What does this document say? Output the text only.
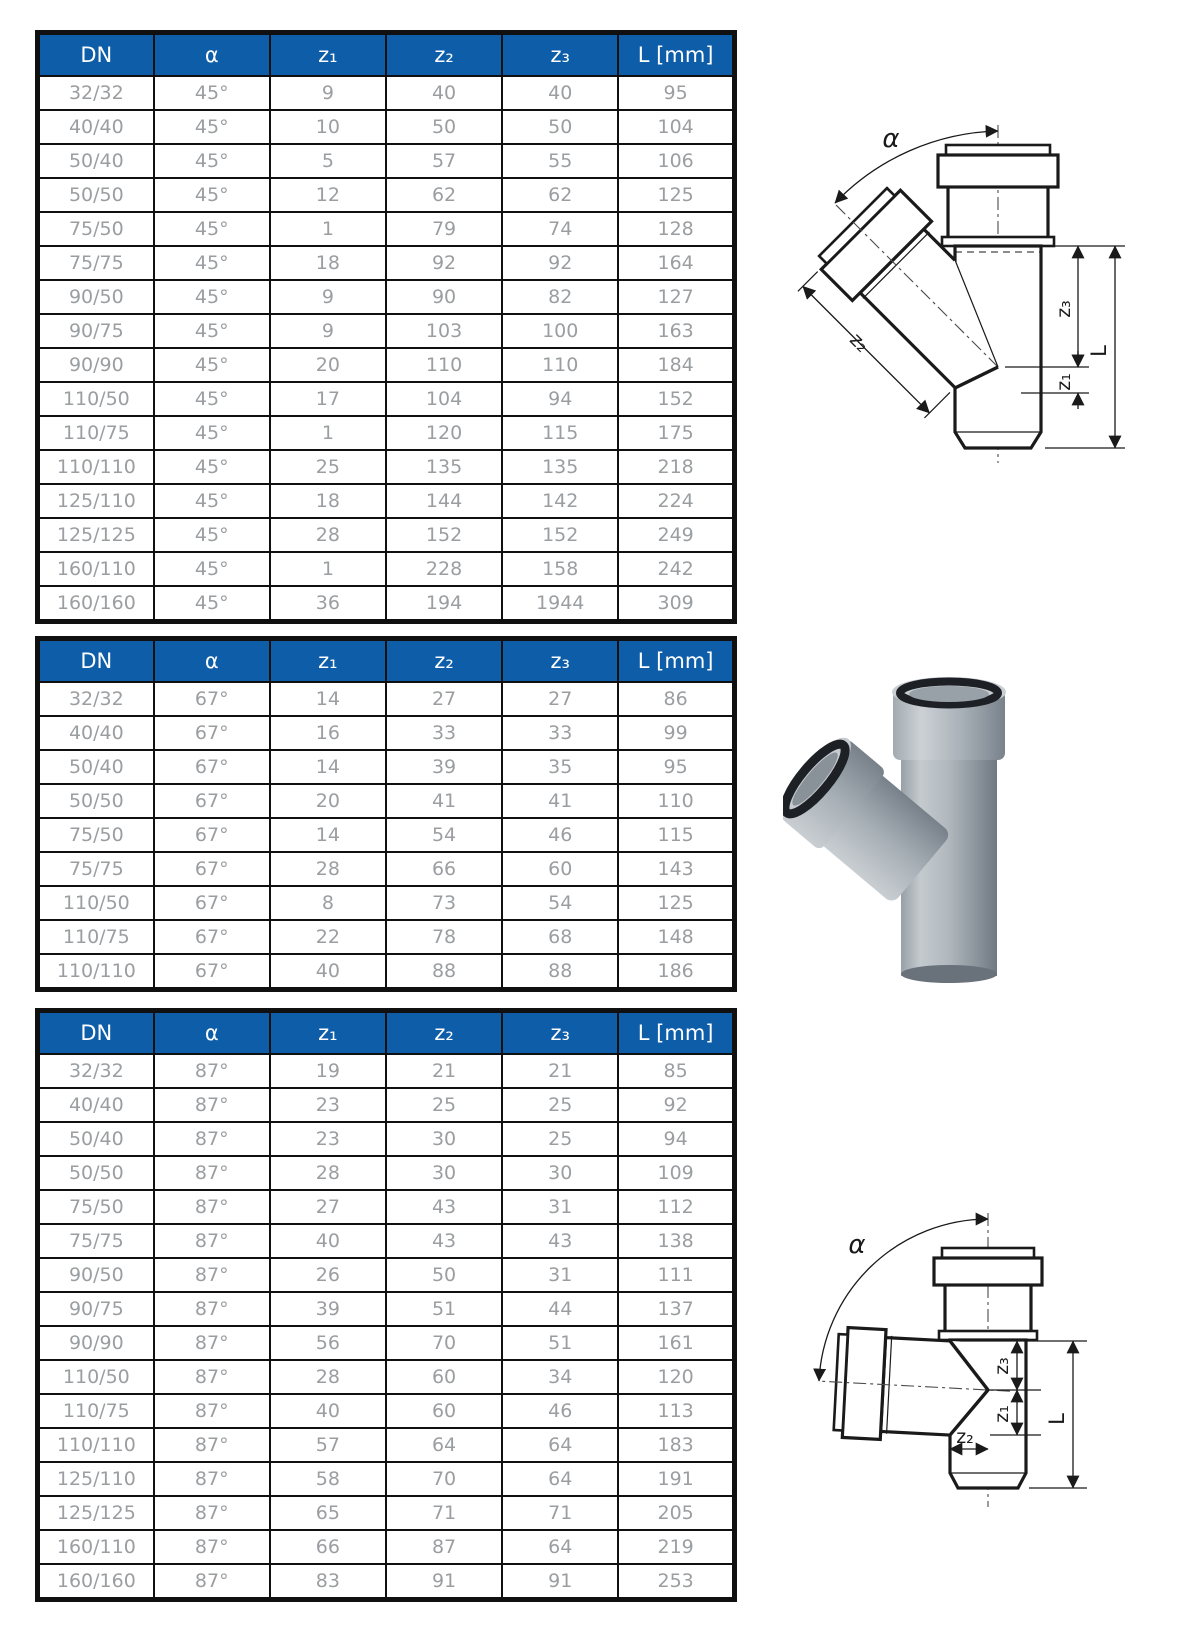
DN	α	z₁	z₂	z₃	L [mm]
32/32	45°	9	40	40	95
40/40	45°	10	50	50	104
50/40	45°	5	57	55	106
50/50	45°	12	62	62	125
75/50	45°	1	79	74	128
75/75	45°	18	92	92	164
90/50	45°	9	90	82	127
90/75	45°	9	103	100	163
90/90	45°	20	110	110	184
110/50	45°	17	104	94	152
110/75	45°	1	120	115	175
110/110	45°	25	135	135	218
125/110	45°	18	144	142	224
125/125	45°	28	152	152	249
160/110	45°	1	228	158	242
160/160	45°	36	194	1944	309
DN	α	z₁	z₂	z₃	L [mm]
32/32	67°	14	27	27	86
40/40	67°	16	33	33	99
50/40	67°	14	39	35	95
50/50	67°	20	41	41	110
75/50	67°	14	54	46	115
75/75	67°	28	66	60	143
110/50	67°	8	73	54	125
110/75	67°	22	78	68	148
110/110	67°	40	88	88	186
DN	α	z₁	z₂	z₃	L [mm]
32/32	87°	19	21	21	85
40/40	87°	23	25	25	92
50/40	87°	23	30	25	94
50/50	87°	28	30	30	109
75/50	87°	27	43	31	112
75/75	87°	40	43	43	138
90/50	87°	26	50	31	111
90/75	87°	39	51	44	137
90/90	87°	56	70	51	161
110/50	87°	28	60	34	120
110/75	87°	40	60	46	113
110/110	87°	57	64	64	183
125/110	87°	58	70	64	191
125/125	87°	65	71	71	205
160/110	87°	66	87	64	219
160/160	87°	83	91	91	253
α
z₂
z₃
z₁
L
α
z₃
z₁
z₂
L
